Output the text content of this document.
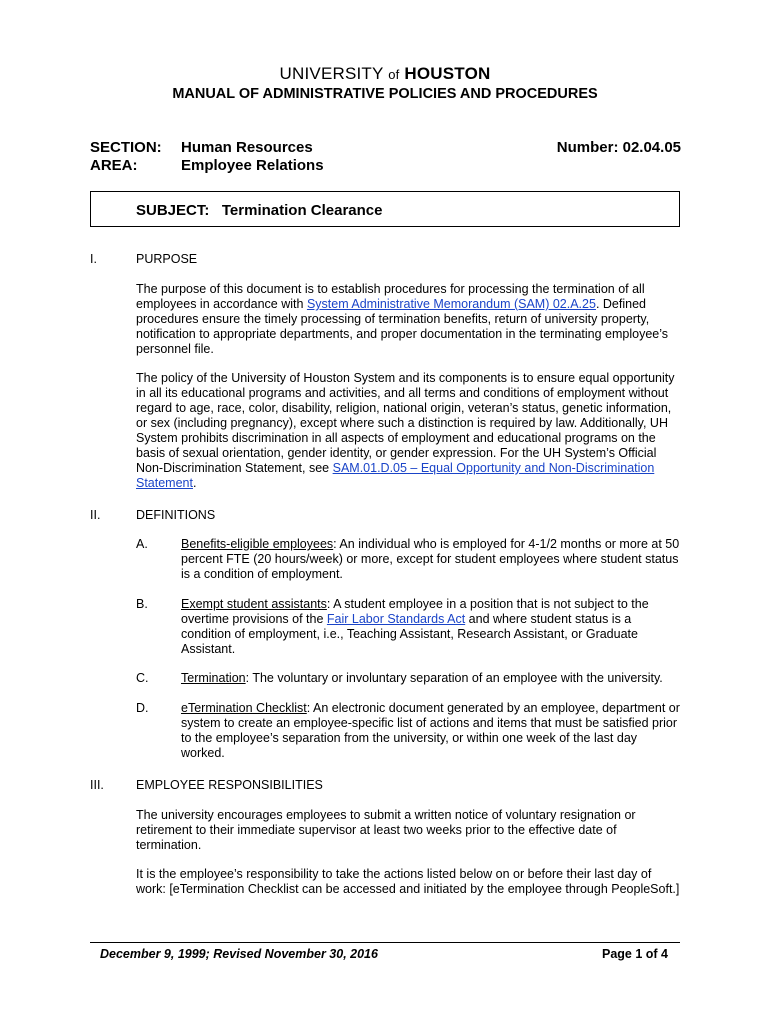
UNIVERSITY of HOUSTON
MANUAL OF ADMINISTRATIVE POLICIES AND PROCEDURES
SECTION: Human Resources
AREA:	Employee Relations
Number: 02.04.05
SUBJECT: Termination Clearance
I.	PURPOSE
The purpose of this document is to establish procedures for processing the termination of all employees in accordance with System Administrative Memorandum (SAM) 02.A.25. Defined procedures ensure the timely processing of termination benefits, return of university property, notification to appropriate departments, and proper documentation in the terminating employee’s personnel file.
The policy of the University of Houston System and its components is to ensure equal opportunity in all its educational programs and activities, and all terms and conditions of employment without regard to age, race, color, disability, religion, national origin, veteran’s status, genetic information, or sex (including pregnancy), except where such a distinction is required by law. Additionally, UH System prohibits discrimination in all aspects of employment and educational programs on the basis of sexual orientation, gender identity, or gender expression. For the UH System’s Official Non-Discrimination Statement, see SAM.01.D.05 – Equal Opportunity and Non-Discrimination Statement.
II.	DEFINITIONS
A.	Benefits-eligible employees: An individual who is employed for 4-1/2 months or more at 50 percent FTE (20 hours/week) or more, except for student employees where student status is a condition of employment.
B.	Exempt student assistants: A student employee in a position that is not subject to the overtime provisions of the Fair Labor Standards Act and where student status is a condition of employment, i.e., Teaching Assistant, Research Assistant, or Graduate Assistant.
C.	Termination: The voluntary or involuntary separation of an employee with the university.
D.	eTermination Checklist: An electronic document generated by an employee, department or system to create an employee-specific list of actions and items that must be satisfied prior to the employee’s separation from the university, or within one week of the last day worked.
III.	EMPLOYEE RESPONSIBILITIES
The university encourages employees to submit a written notice of voluntary resignation or retirement to their immediate supervisor at least two weeks prior to the effective date of termination.
It is the employee’s responsibility to take the actions listed below on or before their last day of work: [eTermination Checklist can be accessed and initiated by the employee through PeopleSoft.]
December 9, 1999; Revised November 30, 2016	Page 1 of 4
